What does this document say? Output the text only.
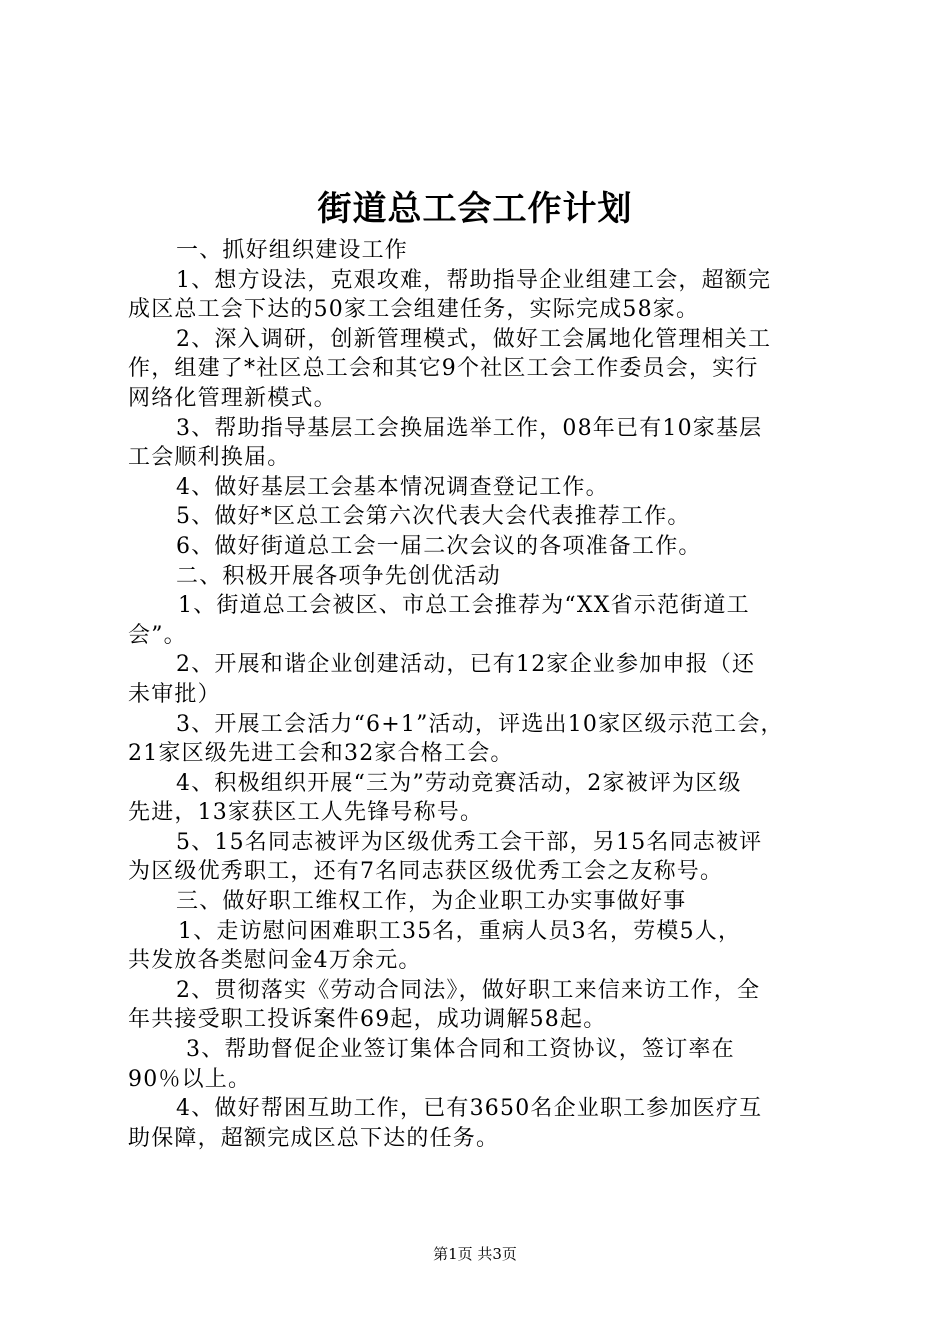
街道总工会工作计划
一、抓好组织建设工作
1、想方设法，克艰攻难，帮助指导企业组建工会，超额完
成区总工会下达的50家工会组建任务，实际完成58家。
2、深入调研，创新管理模式，做好工会属地化管理相关工
作，组建了*社区总工会和其它9个社区工会工作委员会，实行
网络化管理新模式。
3、帮助指导基层工会换届选举工作，08年已有10家基层
工会顺利换届。
4、做好基层工会基本情况调查登记工作。
5、做好*区总工会第六次代表大会代表推荐工作。
6、做好街道总工会一届二次会议的各项准备工作。
二、积极开展各项争先创优活动
1、街道总工会被区、市总工会推荐为“XX省示范街道工
会”。
2、开展和谐企业创建活动，已有12家企业参加申报（还
未审批）
3、开展工会活力“6+1”活动，评选出10家区级示范工会，
21家区级先进工会和32家合格工会。
4、积极组织开展“三为”劳动竞赛活动，2家被评为区级
先进，13家获区工人先锋号称号。
5、15名同志被评为区级优秀工会干部，另15名同志被评
为区级优秀职工，还有7名同志获区级优秀工会之友称号。
三、做好职工维权工作，为企业职工办实事做好事
1、走访慰问困难职工35名，重病人员3名，劳模5人，
共发放各类慰问金4万余元。
2、贯彻落实《劳动合同法》，做好职工来信来访工作，全
年共接受职工投诉案件69起，成功调解58起。
3、帮助督促企业签订集体合同和工资协议，签订率在
90％以上。
4、做好帮困互助工作，已有3650名企业职工参加医疗互
助保障，超额完成区总下达的任务。
第1页 共3页
